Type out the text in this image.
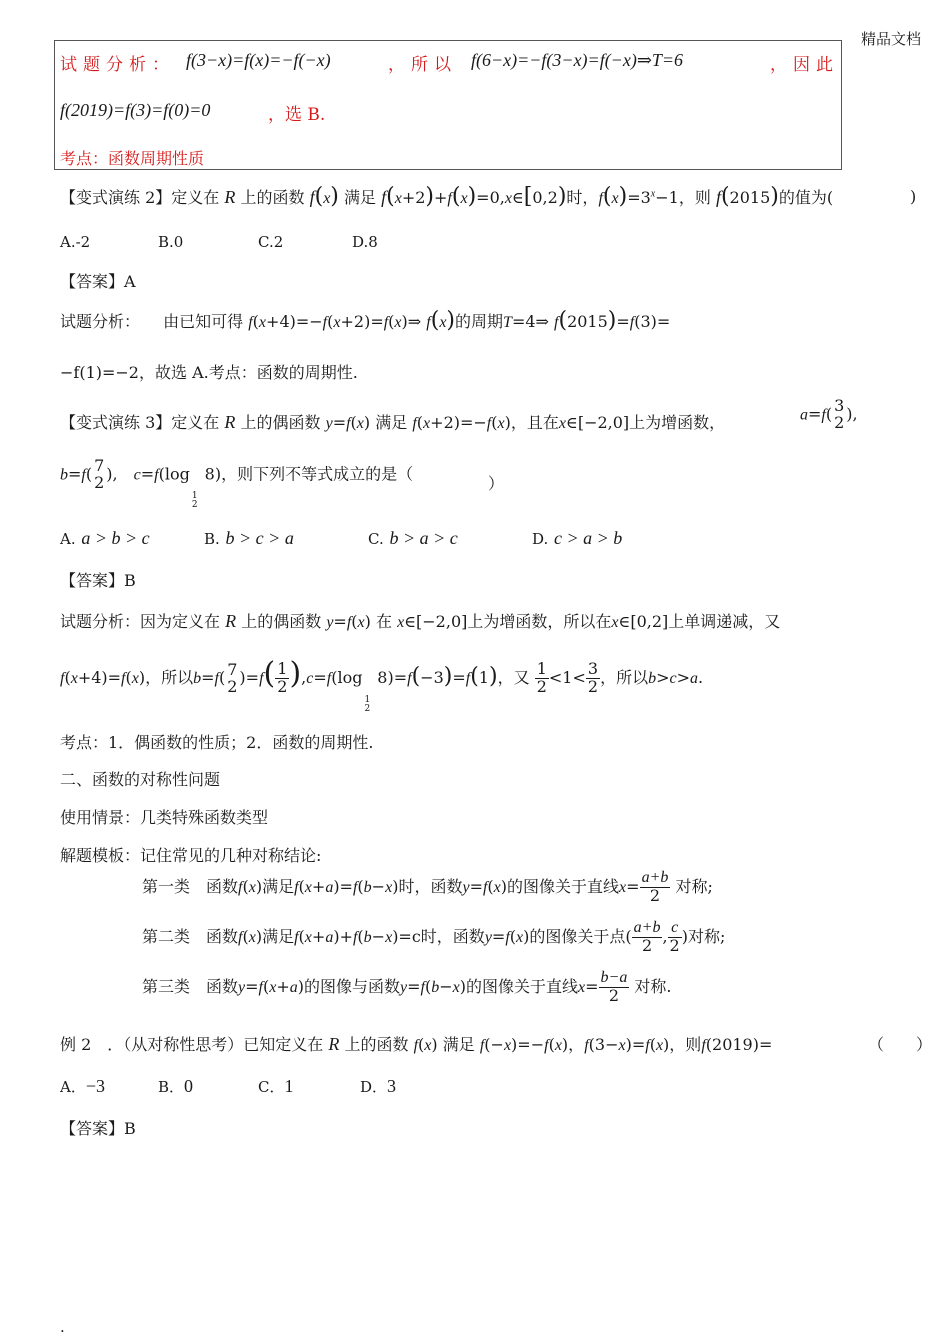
精品文档
试题分析： f(3−x)=f(x)=−f(−x)	，所以 f(6−x)=−f(3−x)=f(−x)⇒T=6	，因此
f(2019)=f(3)=f(0)=0	，选 B.
考点：函数周期性质
【变式演练 2】定义在 R 上的函数 f(x) 满足 f(x+2)+f(x)=0,x∈[0,2)时，$f(x)=3^x-1$，则 f(2015)的值为(	)
A.-2	B.0	C.2	D.8
【答案】A
试题分析： 由已知可得 f(x+4)=−f(x+2)=f(x)⇒ f(x)的周期T=4⇒ f(2015)=f(3)=
−f(1)=−2，故选 A.考点：函数的周期性.
【变式演练 3】定义在 R 上的偶函数 y=f(x) 满足 f(x+2)=−f(x)，且在x∈[−2,0]上为增函数，	a=f( 3
2 ),
b=f( 7
2 ),　c=f(log
1
2
8)，则下列不等式成立的是（
）
A. a > b > c	B. b > c > a	C. b > a > c	D. c > a > b
【答案】B
试题分析：因为定义在 R 上的偶函数 y=f(x) 在 x∈[−2,0]上为增函数，所以在x∈[0,2]上单调递减，又
f(x+4)=f(x)，所以b=f( 7
2 )$=f( \frac{1}{2} ),c=f(\log$
1
2
8)=f(−3)=f(1)，又 $\frac{1}{2} <1< \frac{3}{2}$ ，所以b>c>a.
考点：1．偶函数的性质；2．函数的周期性.
二、函数的对称性问题
使用情景：几类特殊函数类型
解题模板：记住常见的几种对称结论:
第一类　函数f(x)满足f(x+a)=f(b−x)时，函数y=f(x)的图像关于直线$x= \frac{a+b}{2}$ 对称;
第二类　函数f(x)满足f(x+a)+f(b−x)=c时，函数y=f(x)的图像关于点( $\frac{a+b}{2}$ , $\frac{c}{2}$ )对称;
第三类　函数y=f(x+a)的图像与函数y=f(b−x)的图像关于直线$x= \frac{b-a}{2}$ 对称.
例 2　．（从对称性思考）已知定义在 R 上的函数 f(x) 满足 f(−x)=−f(x)，f(3−x)=f(x)，则f(2019)=	（　　）
A．−3	B．0	C．1	D．3
【答案】B
.
